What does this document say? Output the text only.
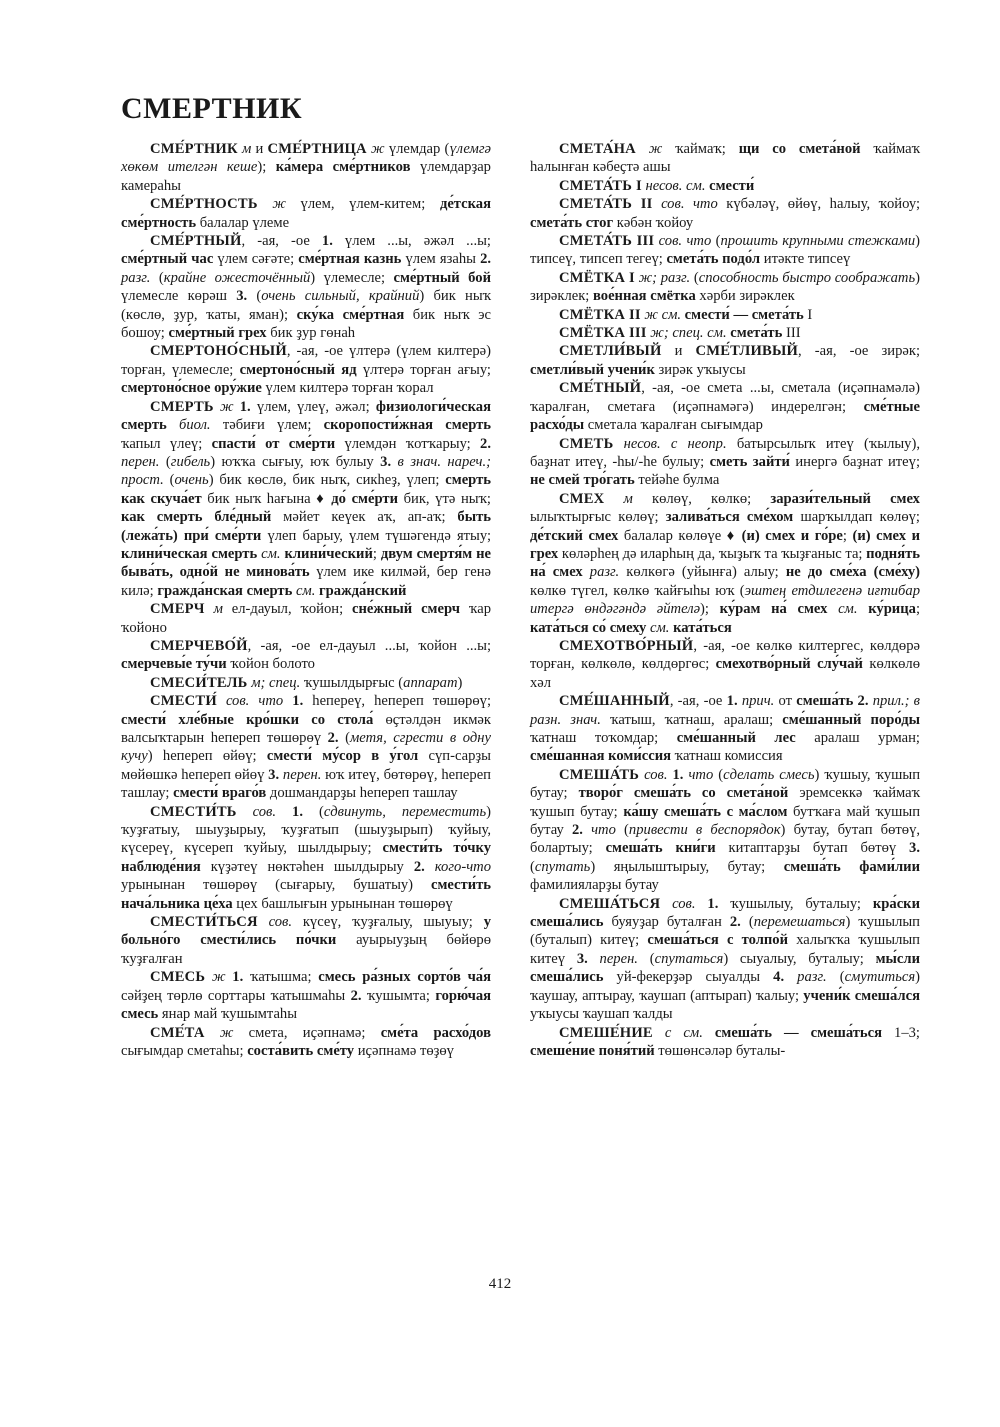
СМЕРТНИК

СМЕ́РТНИК м и СМЕ́РТНИЦА ж үлемдар (үлемгә хөкөм ителгән кеше); ка́мера сме́ртников үлемдарҙар камераһы

СМЕ́РТНОСТЬ ж үлем, үлем-китем; де́тская сме́ртность балалар үлеме

СМЕ́РТНЫЙ, -ая, -ое 1. үлем ...ы, әжәл ...ы; сме́ртный час үлем сәғәте; сме́ртная казнь үлем язаһы 2. разг. (крайне ожесточённый) үлемесле; сме́ртный бой үлемесле көрәш 3. (очень сильный, крайний) бик ныҡ (көслө, ҙур, ҡаты, яман); ску́ка сме́ртная бик ныҡ эс бошоу; сме́ртный грех бик ҙур гөнаһ

СМЕРТОНО́СНЫЙ, -ая, -ое үлтерә (үлем килтерә) торған, үлемесле; смертоно́сный яд үлтерә торған ағыу; смертоно́сное ору́жие үлем килтерә торған ҡорал

СМЕРТЬ ж 1. үлем, үлеү, әжәл; физиологи́ческая смерть биол. тәбиғи үлем; скоропости́жная смерть ҡапыл үлеү; спасти́ от сме́рти үлемдән ҡотҡарыу; 2. перен. (гибель) юҡҡа сығыу, юҡ булыу 3. в знач. нареч.; прост. (очень) бик көслө, бик ныҡ, сикһеҙ, үлеп; смерть как скуча́ет бик ныҡ һағына ♦ до́ сме́рти бик, үтә ныҡ; как смерть бле́дный мәйет кеүек аҡ, ап-аҡ; быть (лежа́ть) при́ сме́рти үлеп барыу, үлем түшәгендә ятыу; клини́ческая смерть см. клини́ческий; двум смертя́м не быва́ть, одно́й не минова́ть үлем ике килмәй, бер генә килә; гражда́нская смерть см. гражда́нский

СМЕРЧ м ел-дауыл, ҡойон; сне́жный смерч ҡар ҡойоно

СМЕРЧЕВО́Й, -ая, -ое ел-дауыл ...ы, ҡойон ...ы; смерчевы́е ту́чи ҡойон болото

СМЕСИ́ТЕЛЬ м; спец. ҡушылдырғыс (аппарат)

СМЕСТИ́ сов. что 1. һепереү, һепереп төшөрөү; смести́ хле́бные кро́шки со стола́ өҫтәлдән икмәк валсыҡтарын һепереп төшөрөү 2. (метя, сгрести в одну кучу) һепереп өйөү; смести́ му́сор в у́гол сүп-сарҙы мөйөшкә һепереп өйөү 3. перен. юҡ итеү, бөтөрөү, һепереп ташлау; смести́ враго́в дошмандарҙы һепереп ташлау

СМЕСТИ́ТЬ сов. 1. (сдвинуть, переместить) ҡуҙғатыу, шыуҙырыу, ҡуҙғатып (шыуҙырып) ҡуйыу, күсереү, күсереп ҡуйыу, шылдырыу; смести́ть то́чку наблюде́ния күҙәтеү нөктәһен шылдырыу 2. кого-что урынынан төшөрөү (сығарыу, бушатыу) смести́ть нача́льника це́ха цех башлығын урынынан төшөрөү

СМЕСТИ́ТЬСЯ сов. күсеү, ҡуҙғалыу, шыуыу; у больно́го смести́лись по́чки ауырыуҙың бөйөрө ҡуҙғалған

СМЕСЬ ж 1. ҡатышма; смесь ра́зных сорто́в ча́я сәйҙең төрлө сорттары ҡатышмаһы 2. ҡушымта; горю́чая смесь янар май ҡушымтаһы

СМЕ́ТА ж смета, иҫәпнамә; сме́та расхо́дов сығымдар сметаһы; соста́вить сме́ту иҫәпнамә төҙөү

СМЕТА́НА ж ҡаймаҡ; щи со смета́ной ҡаймаҡ һалынған кәбеҫтә ашы

СМЕТА́ТЬ I несов. см. смести́

СМЕТА́ТЬ II сов. что күбәләү, өйөү, һалыу, ҡойоу; смета́ть стог кәбән ҡойоу

СМЕТА́ТЬ III сов. что (прошить крупными стежками) типсеү, типсеп тегеү; смета́ть подо́л итәкте типсеү

СМЁТКА I ж; разг. (способность быстро соображать) зирәклек; вое́нная смётка хәрби зирәклек

СМЁТКА II ж см. смести́ — смета́ть I

СМЁТКА III ж; спец. см. смета́ть III

СМЕТЛИ́ВЫЙ и СМЕ́ТЛИВЫЙ, -ая, -ое зирәк; сметли́вый учени́к зирәк уҡыусы

СМЕ́ТНЫЙ, -ая, -ое смета ...ы, сметала (иҫәпнамәлә) ҡаралған, сметаға (иҫәпнамәгә) индерелгән; сме́тные расхо́ды сметала ҡаралған сығымдар

СМЕТЬ несов. с неопр. батырсылыҡ итеү (ҡылыу), баҙнат итеү, -һы/-һе булыу; сметь зайти́ инергә баҙнат итеү; не смей тро́гать тейәһе булма

СМЕХ м көлөү, көлкө; зарази́тельный смех ылыҡтырғыс көлөү; залива́ться сме́хом шарҡылдап көлөү; де́тский смех балалар көлөүе ♦ (и) смех и го́ре; (и) смех и грех көләрһең дә иларһың да, ҡыҙыҡ та ҡыҙғаныс та; подня́ть на́ смех разг. көлкөгә (уйынға) алыу; не до сме́ха (сме́ху) көлкө түгел, көлкө ҡайғыһы юҡ (эштең етдилегенә иғтибар итергә өндәгәндә әйтелә); ку́рам на́ смех см. ку́рица; ката́ться со́ смеху см. ката́ться

СМЕХОТВО́РНЫЙ, -ая, -ое көлкө килтергес, көлдөрә торған, көлкөлө, көлдөргөс; смехотво́рный слу́чай көлкөлө хәл

СМЕ́ШАННЫЙ, -ая, -ое 1. прич. от смеша́ть 2. прил.; в разн. знач. ҡатыш, ҡатнаш, аралаш; сме́шанный поро́ды ҡатнаш тоҡомдар; сме́шанный лес аралаш урман; сме́шанная коми́ссия ҡатнаш комиссия

СМЕША́ТЬ сов. 1. что (сделать смесь) ҡушыу, ҡушып бутау; творо́г смеша́ть со смета́ной эремсеккә ҡаймаҡ ҡушып бутау; ка́шу смеша́ть с ма́слом бутҡаға май ҡушып бутау 2. что (привести в беспорядок) бутау, бутап бөтөү, болартыу; смеша́ть кни́ги китаптарҙы бутап бөтөү 3. (спутать) яңылыштырыу, бутау; смеша́ть фами́лии фамилияларҙы бутау

СМЕША́ТЬСЯ сов. 1. ҡушылыу, буталыу; кра́ски смеша́лись буяуҙар буталған 2. (перемешаться) ҡушылып (буталып) китеү; смеша́ться с толпо́й халыҡҡа ҡушылып китеү 3. перен. (спутаться) сыуалыу, буталыу; мы́сли смеша́лись уй-фекерҙәр сыуалды 4. разг. (смутиться) ҡаушау, аптырау, ҡаушап (аптырап) ҡалыу; учени́к смеша́лся уҡыусы ҡаушап ҡалды

СМЕШЕ́НИЕ с см. смеша́ть — смеша́ться 1–3; смеше́ние поня́тий төшөнсәләр буталы-

412
